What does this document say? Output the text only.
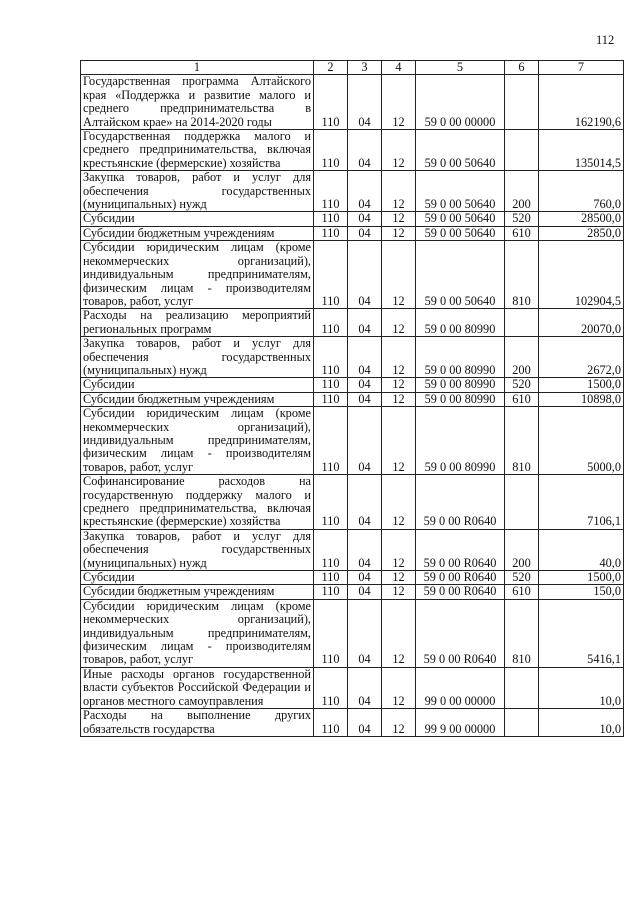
112
1	2	3	4	5	6	7
Государственная программа Алтайского края «Поддержка и развитие малого и среднего предпринимательства в Алтайском крае» на 2014-2020 годы	110	04	12	59 0 00 00000		162190,6
Государственная поддержка малого и среднего предпринимательства, включая крестьянские (фермерские) хозяйства	110	04	12	59 0 00 50640		135014,5
Закупка товаров, работ и услуг для обеспечения государственных (муниципальных) нужд	110	04	12	59 0 00 50640	200	760,0
Субсидии	110	04	12	59 0 00 50640	520	28500,0
Субсидии бюджетным учреждениям	110	04	12	59 0 00 50640	610	2850,0
Субсидии юридическим лицам (кроме некоммерческих организаций), индивидуальным предпринимателям, физическим лицам - производителям товаров, работ, услуг	110	04	12	59 0 00 50640	810	102904,5
Расходы на реализацию мероприятий региональных программ	110	04	12	59 0 00 80990		20070,0
Закупка товаров, работ и услуг для обеспечения государственных (муниципальных) нужд	110	04	12	59 0 00 80990	200	2672,0
Субсидии	110	04	12	59 0 00 80990	520	1500,0
Субсидии бюджетным учреждениям	110	04	12	59 0 00 80990	610	10898,0
Субсидии юридическим лицам (кроме некоммерческих организаций), индивидуальным предпринимателям, физическим лицам - производителям товаров, работ, услуг	110	04	12	59 0 00 80990	810	5000,0
Софинансирование расходов на государственную поддержку малого и среднего предпринимательства, включая крестьянские (фермерские) хозяйства	110	04	12	59 0 00 R0640		7106,1
Закупка товаров, работ и услуг для обеспечения государственных (муниципальных) нужд	110	04	12	59 0 00 R0640	200	40,0
Субсидии	110	04	12	59 0 00 R0640	520	1500,0
Субсидии бюджетным учреждениям	110	04	12	59 0 00 R0640	610	150,0
Субсидии юридическим лицам (кроме некоммерческих организаций), индивидуальным предпринимателям, физическим лицам - производителям товаров, работ, услуг	110	04	12	59 0 00 R0640	810	5416,1
Иные расходы органов государственной власти субъектов Российской Федерации и органов местного самоуправления	110	04	12	99 0 00 00000		10,0
Расходы на выполнение других обязательств государства	110	04	12	99 9 00 00000		10,0
